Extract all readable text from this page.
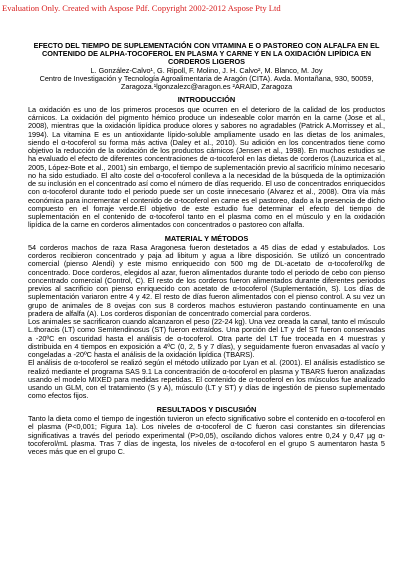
Evaluation Only. Created with Aspose Pdf. Copyright 2002-2012 Aspose Pty Ltd

EFECTO DEL TIEMPO DE SUPLEMENTACIÓN CON VITAMINA E O PASTOREO CON ALFALFA EN EL CONTENIDO DE ALPHA-TOCOFEROL EN PLASMA Y CARNE Y EN LA OXIDACIÓN LIPÍDICA EN CORDEROS LIGEROS

L. González-Calvo¹, G. Ripoll, F. Molino, J. H. Calvo², M. Blanco, M. Joy

Centro de Investigación y Tecnología Agroalimentaria de Aragón (CITA). Avda. Montañana, 930, 50059, Zaragoza.¹lgonzalezc@aragon.es ²ARAID, Zaragoza

INTRODUCCIÓN

La oxidación es uno de los primeros procesos que ocurren en el deterioro de la calidad de los productos cárnicos. La oxidación del pigmento hémico produce un indeseable color marrón en la carne (Jose et al., 2008), mientras que la oxidación lipídica produce olores y sabores no agradables (Patrick A.Morrissey et al., 1994). La vitamina E es un antioxidante lípido-soluble ampliamente usado en las dietas de los animales, siendo el α-tocoferol su forma más activa (Daley et al., 2010). Su adición en los concentrados tiene como objetivo la reducción de la oxidación de los productos cárnicos (Jensen et al., 1998). En muchos estudios se ha evaluado el efecto de diferentes concentraciones de α-tocoferol en las dietas de corderos (Lauzurica et al., 2005, López-Bote et al., 2001) sin embargo, el tiempo de suplementación previo al sacrificio mínimo necesario no ha sido estudiado. El alto coste del α-tocoferol conlleva a la necesidad de la búsqueda de la optimización de su inclusión en el concentrado así como el número de días requerido. El uso de concentrados enriquecidos con α-tocoferol durante todo el periodo puede ser un coste innecesario (Alvarez et al., 2008). Otra vía más económica para incrementar el contenido de α-tocoferol en carne es el pastoreo, dado a la presencia de dicho compuesto en el forraje verde.El objetivo de este estudio fue determinar el efecto del tiempo de suplementación en el contenido de α-tocoferol tanto en el plasma como en el músculo y en la oxidación lipídica de la carne en corderos alimentados con concentrados o pastoreo con alfalfa.

MATERIAL Y MÉTODOS

54 corderos machos de raza Rasa Aragonesa fueron destetados a 45 días de edad y estabulados. Los corderos recibieron concentrado y paja ad libitum y agua a libre disposición. Se utilizó un concentrado comercial (pienso Alendi) y este mismo enriquecido con 500 mg de DL-acetato de α-tocoferol/kg de concentrado. Doce corderos, elegidos al azar, fueron alimentados durante todo el periodo de cebo con pienso concentrado comercial (Control, C). El resto de los corderos fueron alimentados durante diferentes periodos previos al sacrificio con pienso enriquecido con acetato de α-tocoferol (Suplementación, S). Los días de suplementación variaron entre 4 y 42. El resto de días fueron alimentados con el pienso control. A su vez un grupo de animales de 8 ovejas con sus 8 corderos machos estuvieron pastando continuamente en una pradera de alfalfa (A). Los corderos disponían de concentrado comercial para corderos.

Los animales se sacrificaron cuando alcanzaron el peso (22-24 kg). Una vez oreada la canal, tanto el músculo L.thoracis (LT) como Semitendinosus (ST) fueron extraídos. Una porción del LT y del ST fueron conservadas a -20ºC en oscuridad hasta el análisis de α-tocoferol. Otra parte del LT fue troceada en 4 muestras y distribuida en 4 tiempos en exposición a 4ºC (0, 2, 5 y 7 días), y seguidamente fueron envasadas al vacío y congeladas a -20ºC hasta el análisis de la oxidación lipídica (TBARS).

El análisis de α-tocoferol se realizó según el método utilizado por Lyan et al. (2001). El análisis estadístico se realizó mediante el programa SAS 9.1 La concentración de α-tocoferol en plasma y TBARS fueron analizadas usando el modelo MIXED para medidas repetidas. El contenido de α-tocoferol en los músculos fue analizado usando un GLM, con el tratamiento (S y A), músculo (LT y ST) y días de ingestión de pienso suplementado como efectos fijos.

RESULTADOS Y DISCUSIÓN

Tanto la dieta como el tiempo de ingestión tuvieron un efecto significativo sobre el contenido en α-tocoferol en el plasma (P<0,001; Figura 1a). Los niveles de α-tocoferol de C fueron casi constantes sin diferencias significativas a través del periodo experimental (P>0,05), oscilando dichos valores entre 0,24 y 0,47 µg α-tocoferol/mL plasma. Tras 7 días de ingesta, los niveles de α-tocoferol en el grupo S aumentaron hasta 5 veces más que en el grupo C.
